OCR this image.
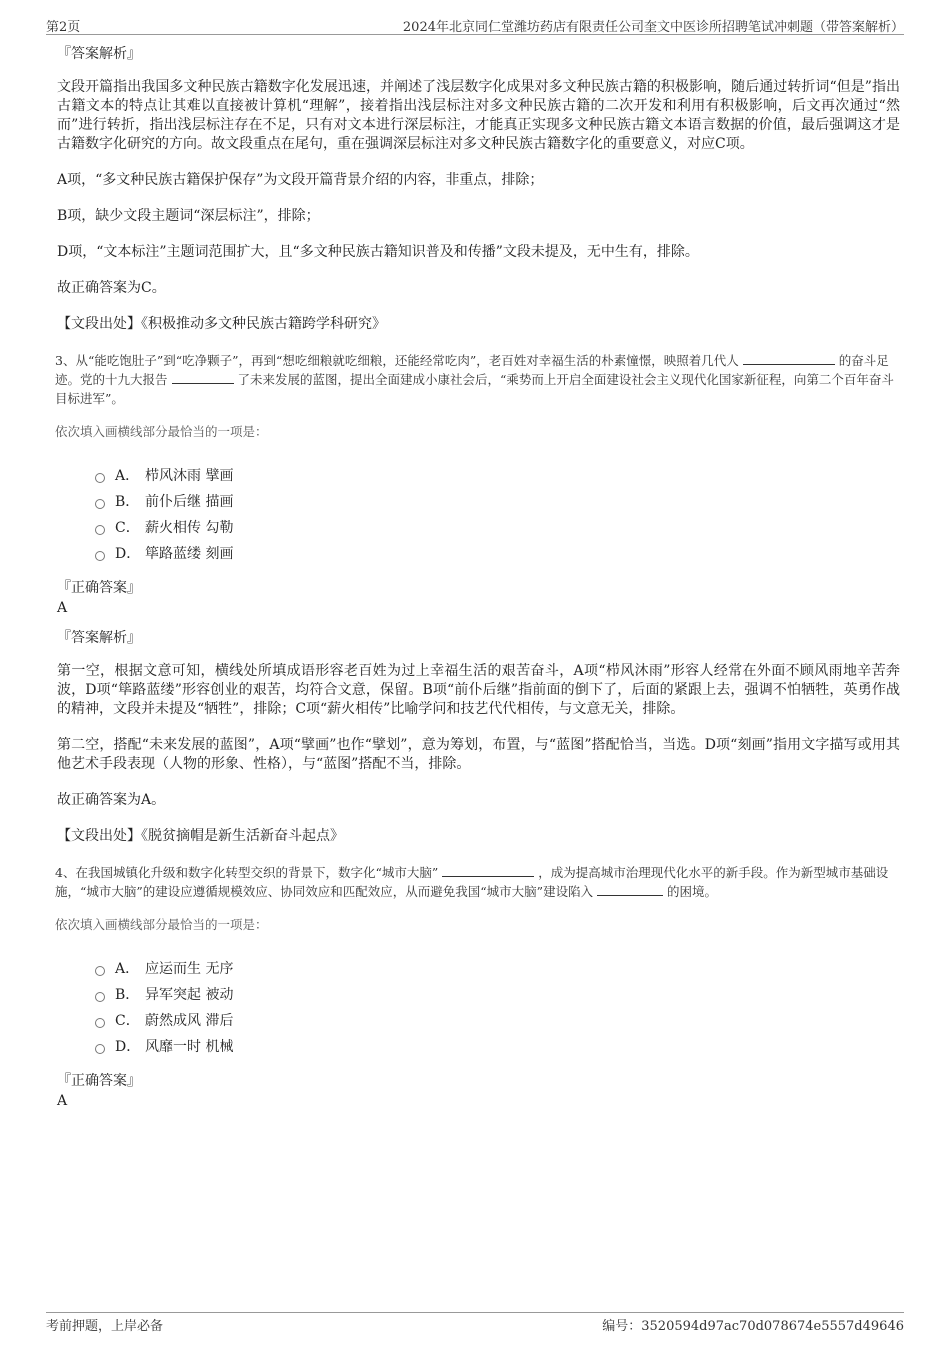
第2页	2024年北京同仁堂潍坊药店有限责任公司奎文中医诊所招聘笔试冲刺题（带答案解析）
『答案解析』

文段开篇指出我国多文种民族古籍数字化发展迅速，并阐述了浅层数字化成果对多文种民族古籍的积极影响，随后通过转折词“但是”指出古籍文本的特点让其难以直接被计算机“理解”，接着指出浅层标注对多文种民族古籍的二次开发和利用有积极影响，后文再次通过“然而”进行转折，指出浅层标注存在不足，只有对文本进行深层标注，才能真正实现多文种民族古籍文本语言数据的价值，最后强调这才是古籍数字化研究的方向。故文段重点在尾句，重在强调深层标注对多文种民族古籍数字化的重要意义，对应C项。

A项，“多文种民族古籍保护保存”为文段开篇背景介绍的内容，非重点，排除；

B项，缺少文段主题词“深层标注”，排除；

D项，“文本标注”主题词范围扩大，且“多文种民族古籍知识普及和传播”文段未提及，无中生有，排除。

故正确答案为C。

【文段出处】《积极推动多文种民族古籍跨学科研究》

3、从“能吃饱肚子”到“吃净颗子”，再到“想吃细粮就吃细粮，还能经常吃肉”，老百姓对幸福生活的朴素憧憬，映照着几代人	的奋斗足迹。党的十九大报告	了未来发展的蓝图，提出全面建成小康社会后，“乘势而上开启全面建设社会主义现代化国家新征程，向第二个百年奋斗目标进军”。
依次填入画横线部分最恰当的一项是：
A． 栉风沐雨 擘画
B． 前仆后继 描画
C． 薪火相传 勾勒
D． 筚路蓝缕 刻画
『正确答案』
A
『答案解析』

第一空，根据文意可知，横线处所填成语形容老百姓为过上幸福生活的艰苦奋斗，A项“栉风沐雨”形容人经常在外面不顾风雨地辛苦奔波，D项“筚路蓝缕”形容创业的艰苦，均符合文意，保留。B项“前仆后继”指前面的倒下了，后面的紧跟上去，强调不怕牺牲，英勇作战的精神，文段并未提及“牺牲”，排除；C项“薪火相传”比喻学问和技艺代代相传，与文意无关，排除。

第二空，搭配“未来发展的蓝图”，A项“擘画”也作“擘划”，意为筹划，布置，与“蓝图”搭配恰当，当选。D项“刻画”指用文字描写或用其他艺术手段表现（人物的形象、性格），与“蓝图”搭配不当，排除。

故正确答案为A。

【文段出处】《脱贫摘帽是新生活新奋斗起点》

4、在我国城镇化升级和数字化转型交织的背景下，数字化“城市大脑”	，成为提高城市治理现代化水平的新手段。作为新型城市基础设施，“城市大脑”的建设应遵循规模效应、协同效应和匹配效应，从而避免我国“城市大脑”建设陷入	的困境。
依次填入画横线部分最恰当的一项是：
A． 应运而生 无序
B． 异军突起 被动
C． 蔚然成风 滞后
D． 风靡一时 机械
『正确答案』
A
考前押题，上岸必备	编号：3520594d97ac70d078674e5557d49646
